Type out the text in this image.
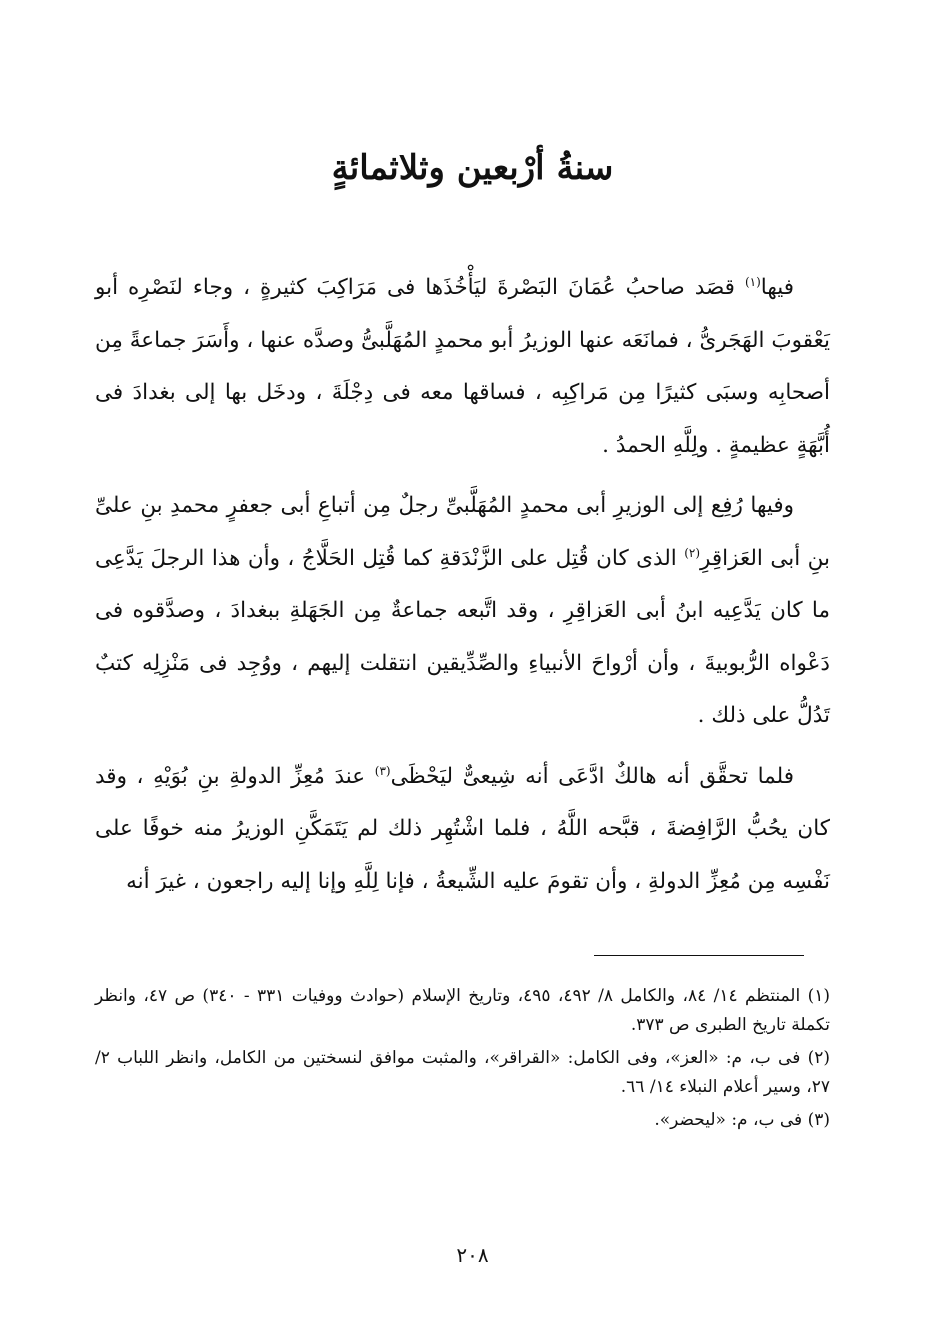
سنةُ أرْبعين وثلاثمائةٍ

فيها$^{(١)}$ قصَد صاحبُ عُمَانَ البَصْرةَ ليَأْخُذَها فى مَرَاكِبَ كثيرةٍ ، وجاء لنَصْرِه أبو يَعْقوبَ الهَجَرىُّ ، فمانَعَه عنها الوزيرُ أبو محمدٍ المُهَلَّبىُّ وصدَّه عنها ، وأَسَرَ جماعةً مِن أصحابِه وسبَى كثيرًا مِن مَراكِبِه ، فساقها معه فى دِجْلَةَ ، ودخَل بها إلى بغدادَ فى أُبَّهَةٍ عظيمةٍ . ولِلَّهِ الحمدُ .

وفيها رُفِع إلى الوزيرِ أبى محمدٍ المُهَلَّبىِّ رجلٌ مِن أتباعِ أبى جعفرٍ محمدِ بنِ علىِّ بنِ أبى العَزاقِرِ$^{(٢)}$ الذى كان قُتِل على الزَّنْدَقةِ كما قُتِل الحَلَّاجُ ، وأن هذا الرجلَ يَدَّعِى ما كان يَدَّعِيه ابنُ أبى العَزاقِرِ ، وقد اتَّبعه جماعةٌ مِن الجَهَلةِ ببغدادَ ، وصدَّقوه فى دَعْواه الرُّبوبيةَ ، وأن أرْواحَ الأنبياءِ والصِّدِّيقين انتقلت إليهم ، ووُجِد فى مَنْزِلِه كتبٌ تَدُلُّ على ذلك .

فلما تحقَّق أنه هالكٌ ادَّعَى أنه شِيعىٌّ ليَحْظَى$^{(٣)}$ عندَ مُعِزِّ الدولةِ بنِ بُوَيْهِ ، وقد كان يحُبُّ الرَّافِضةَ ، قبَّحه اللَّهُ ، فلما اشْتُهِر ذلك لم يَتَمَكَّنِ الوزيرُ منه خوفًا على نَفْسِه مِن مُعِزِّ الدولةِ ، وأن تقومَ عليه الشِّيعةُ ، فإنا لِلَّهِ وإنا إليه راجعون ، غيرَ أنه

(١) المنتظم ١٤/ ٨٤، والكامل ٨/ ٤٩٢، ٤٩٥، وتاريخ الإسلام (حوادث ووفيات ٣٣١ - ٣٤٠) ص ٤٧، وانظر تكملة تاريخ الطبرى ص ٣٧٣.

(٢) فى ب، م: «العز»، وفى الكامل: «القراقر»، والمثبت موافق لنسختين من الكامل، وانظر اللباب ٢/ ٢٧، وسير أعلام النبلاء ١٤/ ٦٦.

(٣) فى ب، م: «ليحضر».

٢٠٨
